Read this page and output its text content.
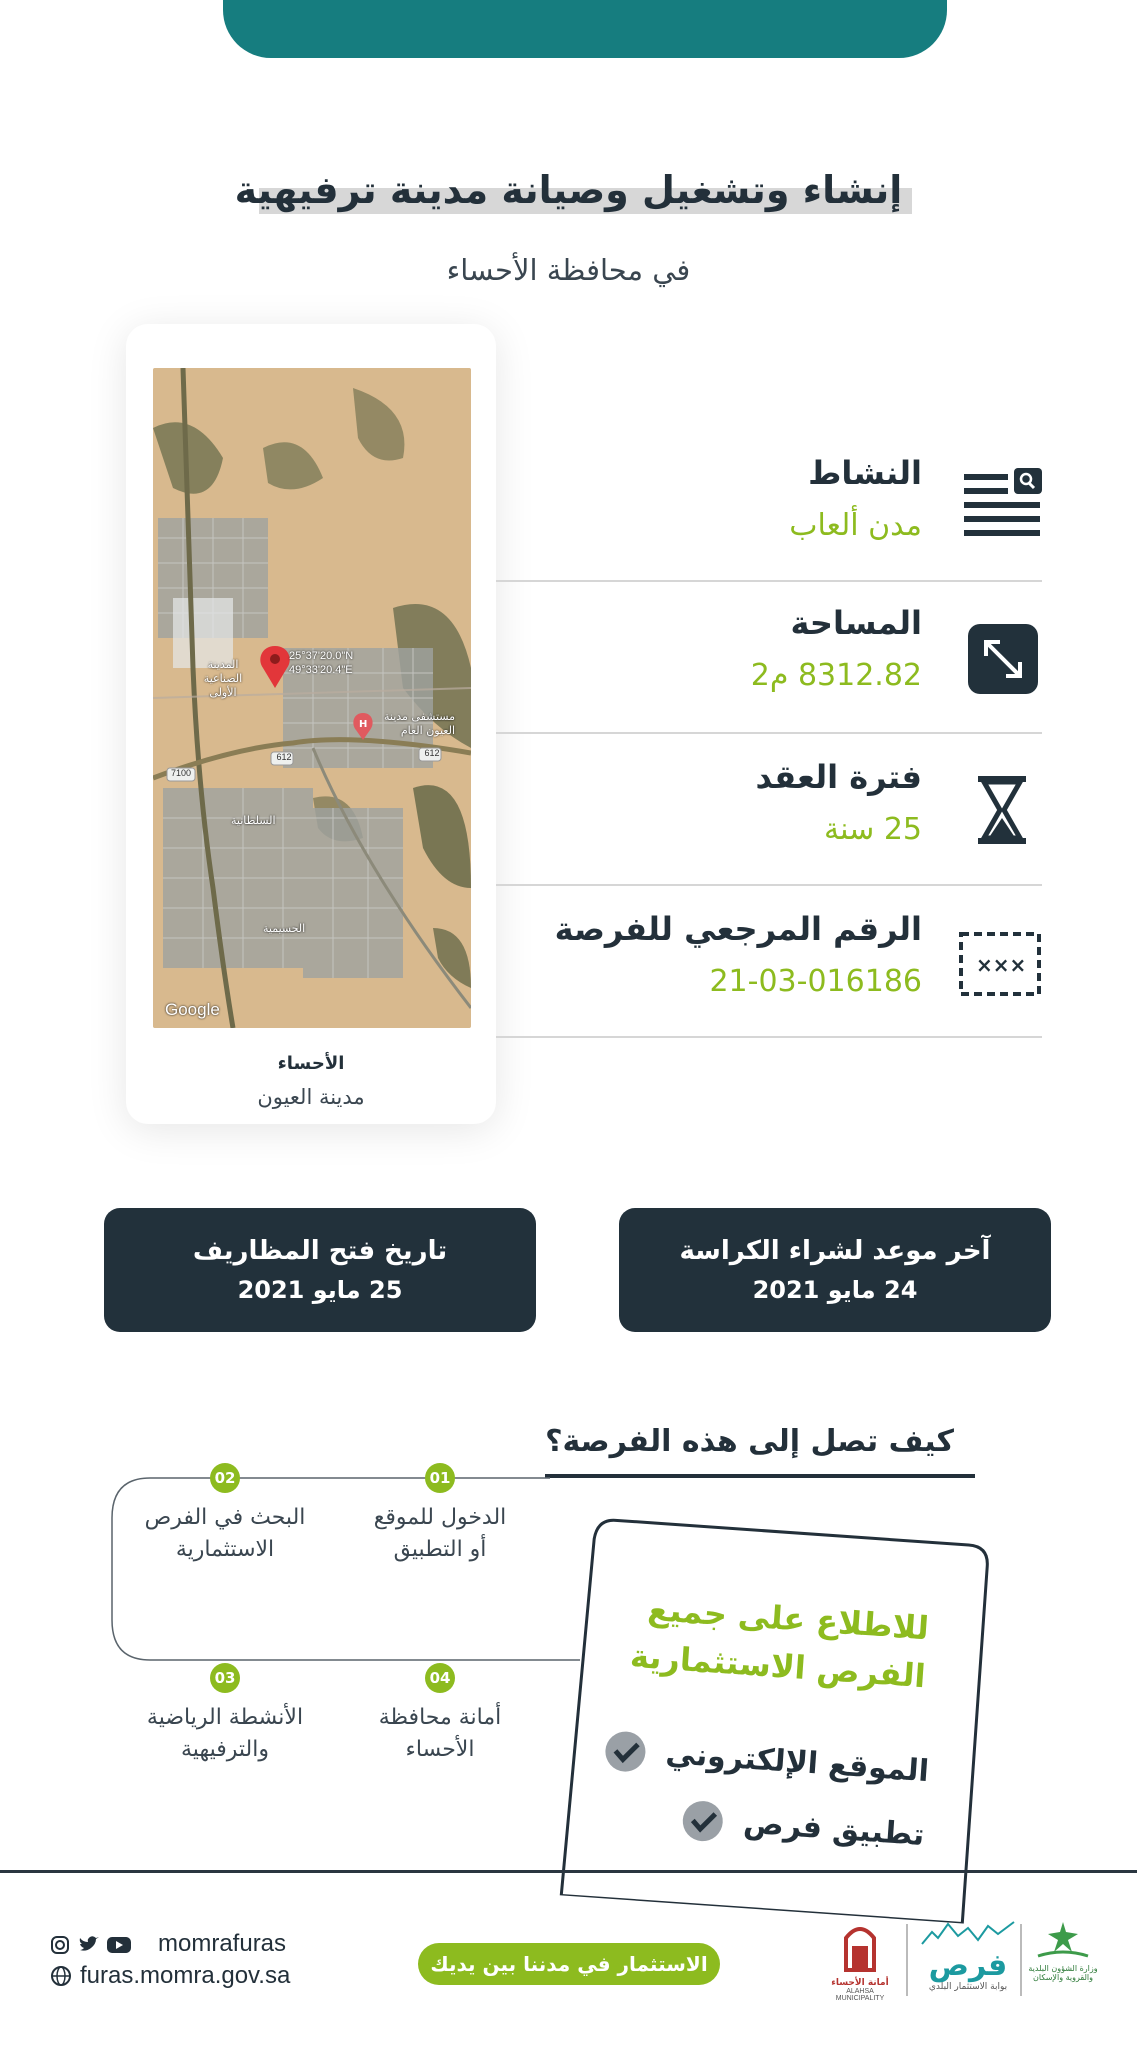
إنشاء وتشغيل وصيانة مدينة ترفيهية
في محافظة الأحساء
H
25°37'20.0"N
49°33'20.4"E
مستشفى مدينة العيون العام
المدينة الصناعية الأولى
السلطانية
الحسيمية
612	612
7100
Google
الأحساء
مدينة العيون
النشاط
مدن ألعاب
المساحة
8312.82 م2
فترة العقد
25 سنة
الرقم المرجعي للفرصة
21-03-016186	×××
آخر موعد لشراء الكراسة
24 مايو 2021
تاريخ فتح المظاريف
25 مايو 2021
كيف تصل إلى هذه الفرصة؟
01
الدخول للموقع
أو التطبيق
02
البحث في الفرص
الاستثمارية
03
الأنشطة الرياضية
والترفيهية
04
أمانة محافظة
الأحساء
للاطلاع على جميع
الفرص الاستثمارية
الموقع الإلكتروني
تطبيق فرص
momrafuras
furas.momra.gov.sa	الاستثمار في مدننا بين يديك
أمانة الأحساء
ALAHSA MUNICIPALITY
فرص
بوابة الاستثمار البلدي
وزارة الشؤون البلدية والقروية والإسكان
